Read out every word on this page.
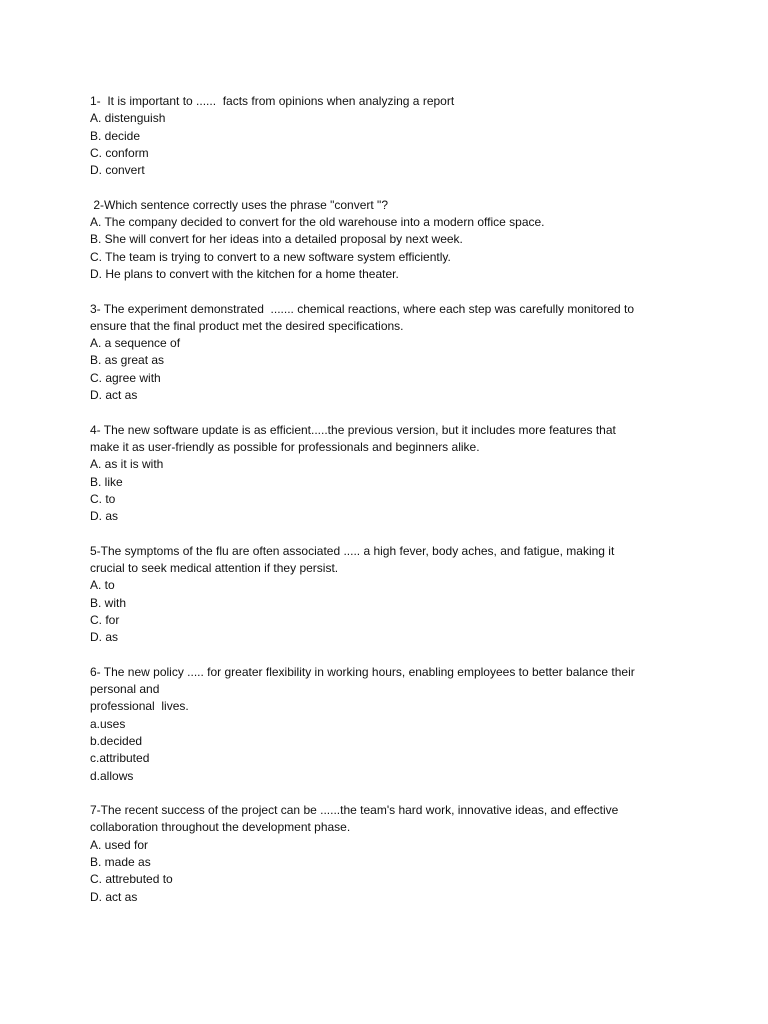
1-  It is important to ......  facts from opinions when analyzing a report
A. distenguish
B. decide
C. conform
D. convert
2-Which sentence correctly uses the phrase "convert "?
A. The company decided to convert for the old warehouse into a modern office space.
B. She will convert for her ideas into a detailed proposal by next week.
C. The team is trying to convert to a new software system efficiently.
D. He plans to convert with the kitchen for a home theater.
3- The experiment demonstrated  ....... chemical reactions, where each step was carefully monitored to
ensure that the final product met the desired specifications.
A. a sequence of
B. as great as
C. agree with
D. act as
4- The new software update is as efficient.....the previous version, but it includes more features that
make it as user-friendly as possible for professionals and beginners alike.
A. as it is with
B. like
C. to
D. as
5-The symptoms of the flu are often associated ..... a high fever, body aches, and fatigue, making it
crucial to seek medical attention if they persist.
A. to
B. with
C. for
D. as
6- The new policy ..... for greater flexibility in working hours, enabling employees to better balance their
personal and
professional  lives.
a.uses
b.decided
c.attributed
d.allows
7-The recent success of the project can be ......the team's hard work, innovative ideas, and effective
collaboration throughout the development phase.
A. used for
B. made as
C. attrebuted to
D. act as
